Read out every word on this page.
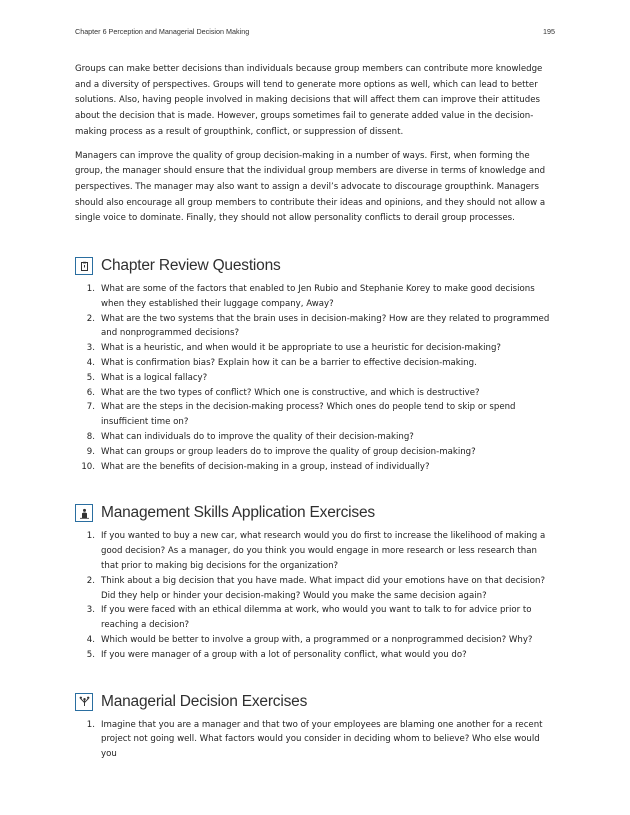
Chapter 6 Perception and Managerial Decision Making	195

Groups can make better decisions than individuals because group members can contribute more knowledge and a diversity of perspectives. Groups will tend to generate more options as well, which can lead to better solutions. Also, having people involved in making decisions that will affect them can improve their attitudes about the decision that is made. However, groups sometimes fail to generate added value in the decision-making process as a result of groupthink, conflict, or suppression of dissent.

Managers can improve the quality of group decision-making in a number of ways. First, when forming the group, the manager should ensure that the individual group members are diverse in terms of knowledge and perspectives. The manager may also want to assign a devil’s advocate to discourage groupthink. Managers should also encourage all group members to contribute their ideas and opinions, and they should not allow a single voice to dominate. Finally, they should not allow personality conflicts to derail group processes.

Chapter Review Questions
1. What are some of the factors that enabled to Jen Rubio and Stephanie Korey to make good decisions when they established their luggage company, Away?
2. What are the two systems that the brain uses in decision-making? How are they related to programmed and nonprogrammed decisions?
3. What is a heuristic, and when would it be appropriate to use a heuristic for decision-making?
4. What is confirmation bias? Explain how it can be a barrier to effective decision-making.
5. What is a logical fallacy?
6. What are the two types of conflict? Which one is constructive, and which is destructive?
7. What are the steps in the decision-making process? Which ones do people tend to skip or spend insufficient time on?
8. What can individuals do to improve the quality of their decision-making?
9. What can groups or group leaders do to improve the quality of group decision-making?
10. What are the benefits of decision-making in a group, instead of individually?
Management Skills Application Exercises
1. If you wanted to buy a new car, what research would you do first to increase the likelihood of making a good decision? As a manager, do you think you would engage in more research or less research than that prior to making big decisions for the organization?
2. Think about a big decision that you have made. What impact did your emotions have on that decision? Did they help or hinder your decision-making? Would you make the same decision again?
3. If you were faced with an ethical dilemma at work, who would you want to talk to for advice prior to reaching a decision?
4. Which would be better to involve a group with, a programmed or a nonprogrammed decision? Why?
5. If you were manager of a group with a lot of personality conflict, what would you do?
Managerial Decision Exercises
1. Imagine that you are a manager and that two of your employees are blaming one another for a recent project not going well. What factors would you consider in deciding whom to believe? Who else would you
